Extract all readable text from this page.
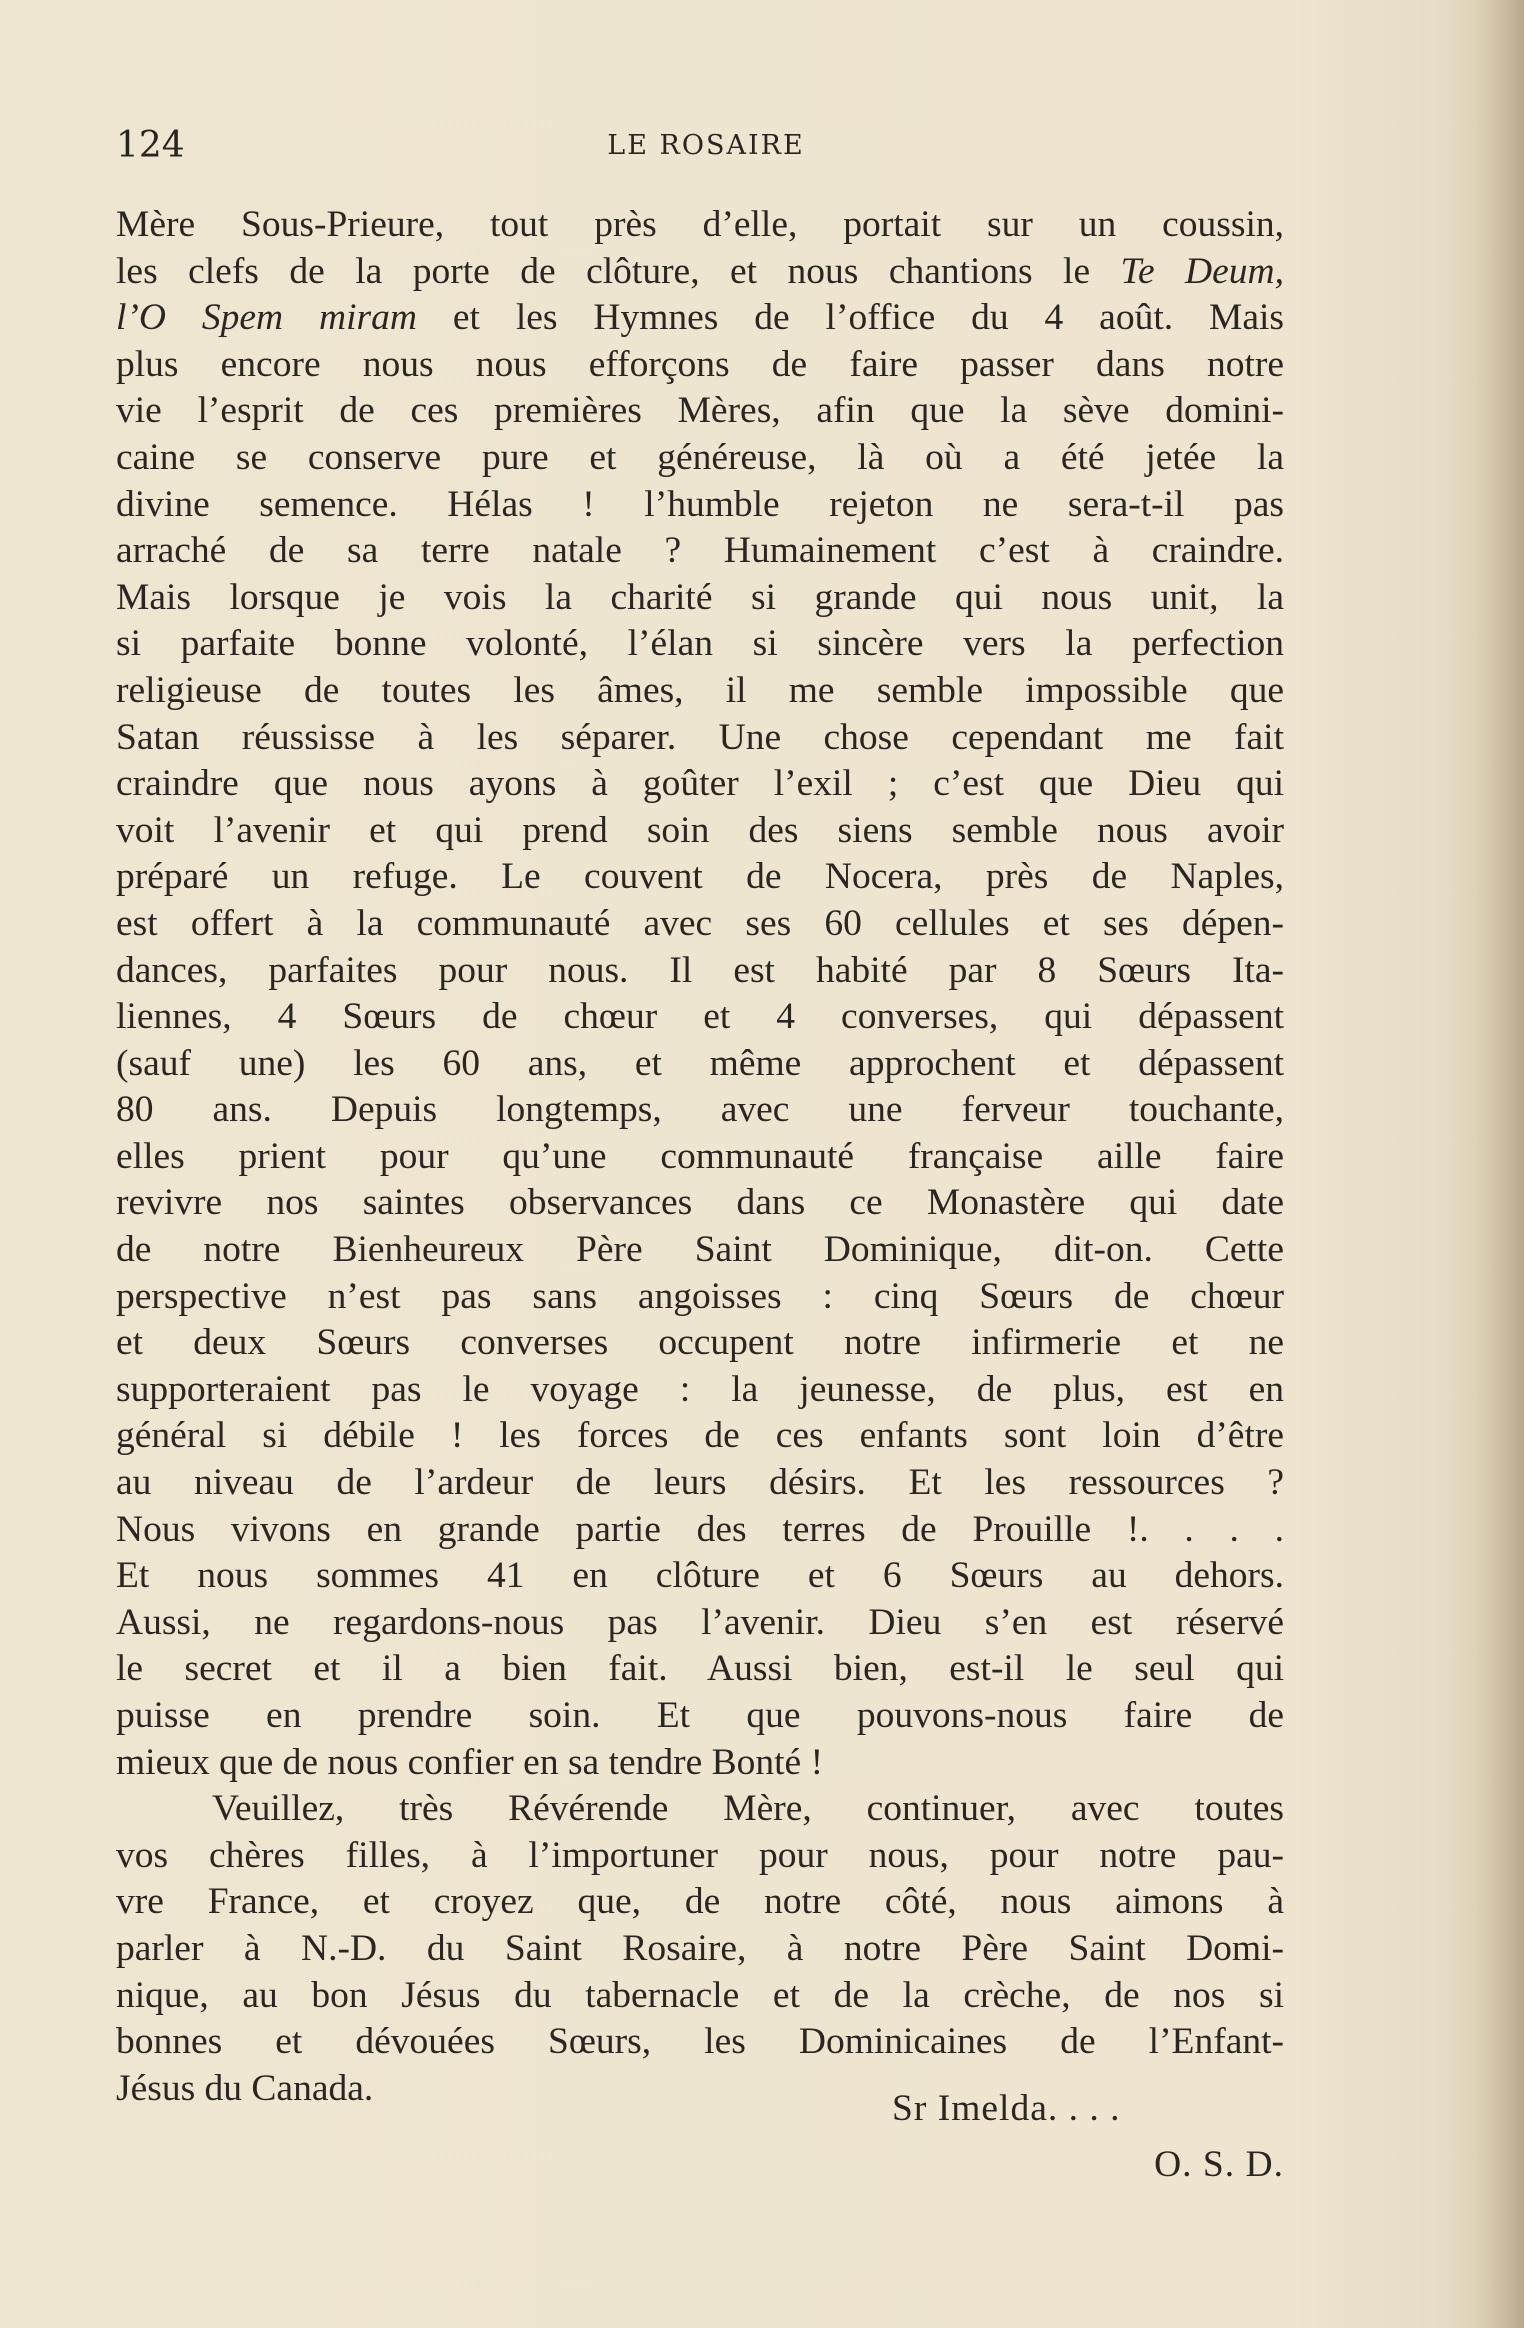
124	LE ROSAIRE
Mère Sous-Prieure, tout près d’elle, portait sur un coussin,
les clefs de la porte de clôture, et nous chantions le Te Deum,
l’O Spem miram et les Hymnes de l’office du 4 août. Mais
plus encore nous nous efforçons de faire passer dans notre
vie l’esprit de ces premières Mères, afin que la sève domini-
caine se conserve pure et généreuse, là où a été jetée la
divine semence. Hélas ! l’humble rejeton ne sera-t-il pas
arraché de sa terre natale ? Humainement c’est à craindre.
Mais lorsque je vois la charité si grande qui nous unit, la
si parfaite bonne volonté, l’élan si sincère vers la perfection
religieuse de toutes les âmes, il me semble impossible que
Satan réussisse à les séparer. Une chose cependant me fait
craindre que nous ayons à goûter l’exil ; c’est que Dieu qui
voit l’avenir et qui prend soin des siens semble nous avoir
préparé un refuge. Le couvent de Nocera, près de Naples,
est offert à la communauté avec ses 60 cellules et ses dépen-
dances, parfaites pour nous. Il est habité par 8 Sœurs Ita-
liennes, 4 Sœurs de chœur et 4 converses, qui dépassent
(sauf une) les 60 ans, et même approchent et dépassent
80 ans. Depuis longtemps, avec une ferveur touchante,
elles prient pour qu’une communauté française aille faire
revivre nos saintes observances dans ce Monastère qui date
de notre Bienheureux Père Saint Dominique, dit-on. Cette
perspective n’est pas sans angoisses : cinq Sœurs de chœur
et deux Sœurs converses occupent notre infirmerie et ne
supporteraient pas le voyage : la jeunesse, de plus, est en
général si débile ! les forces de ces enfants sont loin d’être
au niveau de l’ardeur de leurs désirs. Et les ressources ?
Nous vivons en grande partie des terres de Prouille !. . . .
Et nous sommes 41 en clôture et 6 Sœurs au dehors.
Aussi, ne regardons-nous pas l’avenir. Dieu s’en est réservé
le secret et il a bien fait. Aussi bien, est-il le seul qui
puisse en prendre soin. Et que pouvons-nous faire de
mieux que de nous confier en sa tendre Bonté !
Veuillez, très Révérende Mère, continuer, avec toutes
vos chères filles, à l’importuner pour nous, pour notre pau-
vre France, et croyez que, de notre côté, nous aimons à
parler à N.-D. du Saint Rosaire, à notre Père Saint Domi-
nique, au bon Jésus du tabernacle et de la crèche, de nos si
bonnes et dévouées Sœurs, les Dominicaines de l’Enfant-
Jésus du Canada.	Sr Imelda. . . .
O. S. D.
